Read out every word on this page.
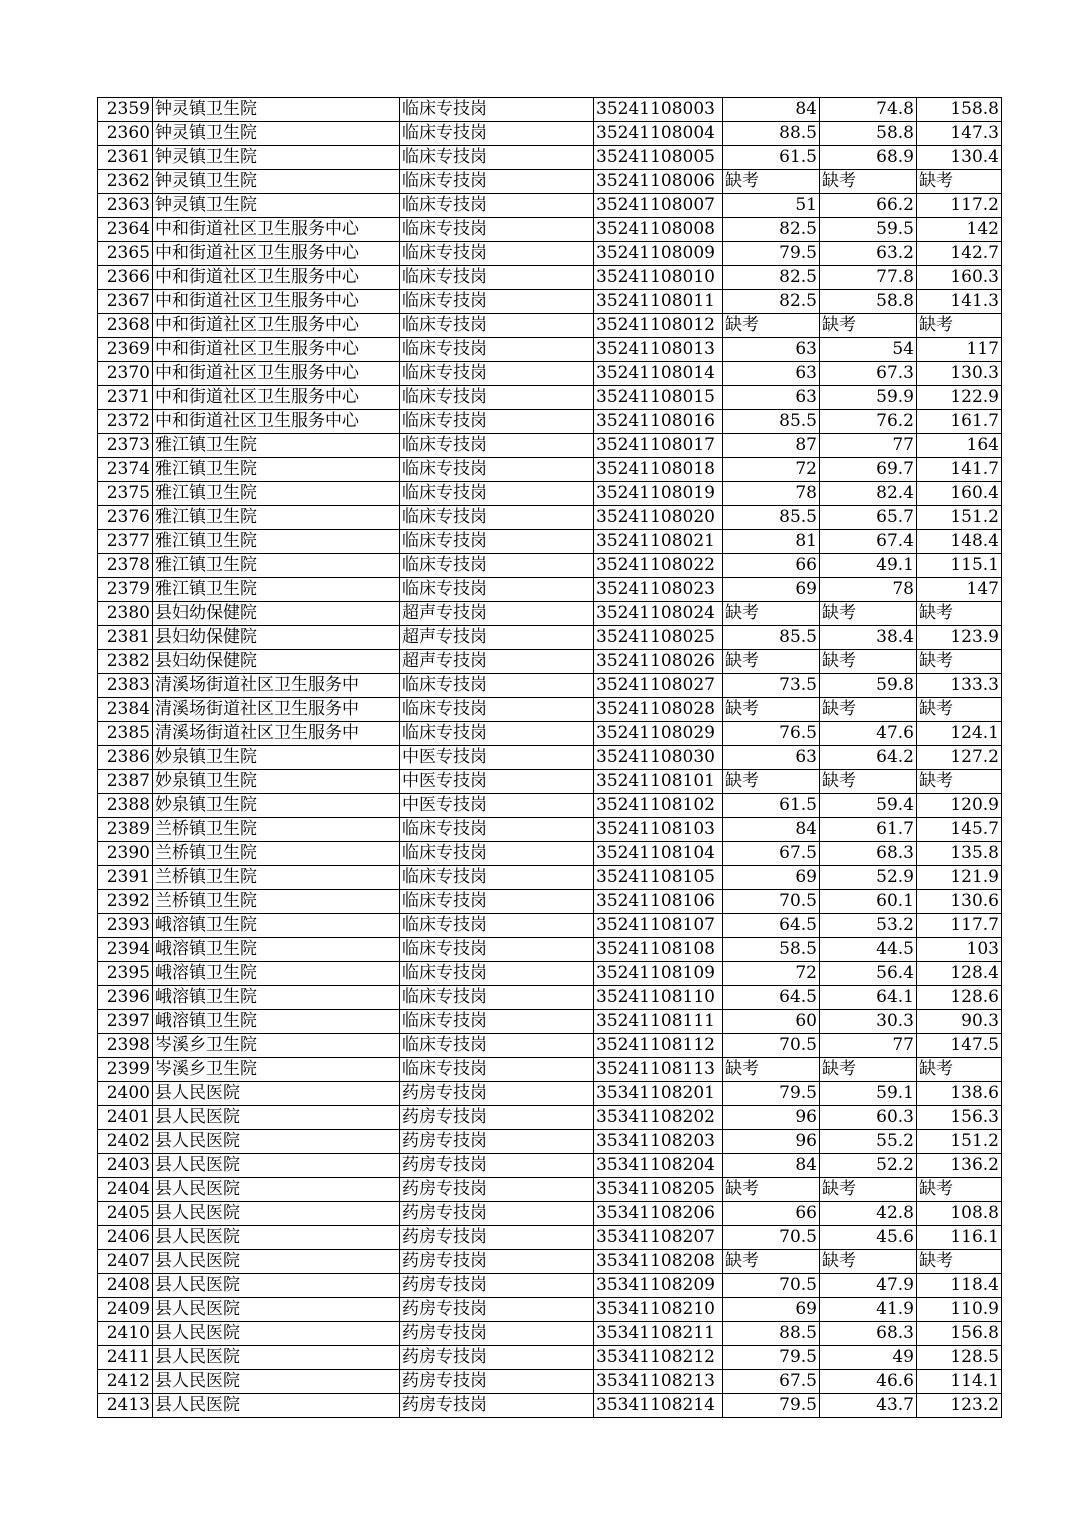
2359	钟灵镇卫生院	临床专技岗	35241108003	84	74.8	158.8
2360	钟灵镇卫生院	临床专技岗	35241108004	88.5	58.8	147.3
2361	钟灵镇卫生院	临床专技岗	35241108005	61.5	68.9	130.4
2362	钟灵镇卫生院	临床专技岗	35241108006	缺考	缺考	缺考
2363	钟灵镇卫生院	临床专技岗	35241108007	51	66.2	117.2
2364	中和街道社区卫生服务中心	临床专技岗	35241108008	82.5	59.5	142
2365	中和街道社区卫生服务中心	临床专技岗	35241108009	79.5	63.2	142.7
2366	中和街道社区卫生服务中心	临床专技岗	35241108010	82.5	77.8	160.3
2367	中和街道社区卫生服务中心	临床专技岗	35241108011	82.5	58.8	141.3
2368	中和街道社区卫生服务中心	临床专技岗	35241108012	缺考	缺考	缺考
2369	中和街道社区卫生服务中心	临床专技岗	35241108013	63	54	117
2370	中和街道社区卫生服务中心	临床专技岗	35241108014	63	67.3	130.3
2371	中和街道社区卫生服务中心	临床专技岗	35241108015	63	59.9	122.9
2372	中和街道社区卫生服务中心	临床专技岗	35241108016	85.5	76.2	161.7
2373	雅江镇卫生院	临床专技岗	35241108017	87	77	164
2374	雅江镇卫生院	临床专技岗	35241108018	72	69.7	141.7
2375	雅江镇卫生院	临床专技岗	35241108019	78	82.4	160.4
2376	雅江镇卫生院	临床专技岗	35241108020	85.5	65.7	151.2
2377	雅江镇卫生院	临床专技岗	35241108021	81	67.4	148.4
2378	雅江镇卫生院	临床专技岗	35241108022	66	49.1	115.1
2379	雅江镇卫生院	临床专技岗	35241108023	69	78	147
2380	县妇幼保健院	超声专技岗	35241108024	缺考	缺考	缺考
2381	县妇幼保健院	超声专技岗	35241108025	85.5	38.4	123.9
2382	县妇幼保健院	超声专技岗	35241108026	缺考	缺考	缺考
2383	清溪场街道社区卫生服务中	临床专技岗	35241108027	73.5	59.8	133.3
2384	清溪场街道社区卫生服务中	临床专技岗	35241108028	缺考	缺考	缺考
2385	清溪场街道社区卫生服务中	临床专技岗	35241108029	76.5	47.6	124.1
2386	妙泉镇卫生院	中医专技岗	35241108030	63	64.2	127.2
2387	妙泉镇卫生院	中医专技岗	35241108101	缺考	缺考	缺考
2388	妙泉镇卫生院	中医专技岗	35241108102	61.5	59.4	120.9
2389	兰桥镇卫生院	临床专技岗	35241108103	84	61.7	145.7
2390	兰桥镇卫生院	临床专技岗	35241108104	67.5	68.3	135.8
2391	兰桥镇卫生院	临床专技岗	35241108105	69	52.9	121.9
2392	兰桥镇卫生院	临床专技岗	35241108106	70.5	60.1	130.6
2393	峨溶镇卫生院	临床专技岗	35241108107	64.5	53.2	117.7
2394	峨溶镇卫生院	临床专技岗	35241108108	58.5	44.5	103
2395	峨溶镇卫生院	临床专技岗	35241108109	72	56.4	128.4
2396	峨溶镇卫生院	临床专技岗	35241108110	64.5	64.1	128.6
2397	峨溶镇卫生院	临床专技岗	35241108111	60	30.3	90.3
2398	岑溪乡卫生院	临床专技岗	35241108112	70.5	77	147.5
2399	岑溪乡卫生院	临床专技岗	35241108113	缺考	缺考	缺考
2400	县人民医院	药房专技岗	35341108201	79.5	59.1	138.6
2401	县人民医院	药房专技岗	35341108202	96	60.3	156.3
2402	县人民医院	药房专技岗	35341108203	96	55.2	151.2
2403	县人民医院	药房专技岗	35341108204	84	52.2	136.2
2404	县人民医院	药房专技岗	35341108205	缺考	缺考	缺考
2405	县人民医院	药房专技岗	35341108206	66	42.8	108.8
2406	县人民医院	药房专技岗	35341108207	70.5	45.6	116.1
2407	县人民医院	药房专技岗	35341108208	缺考	缺考	缺考
2408	县人民医院	药房专技岗	35341108209	70.5	47.9	118.4
2409	县人民医院	药房专技岗	35341108210	69	41.9	110.9
2410	县人民医院	药房专技岗	35341108211	88.5	68.3	156.8
2411	县人民医院	药房专技岗	35341108212	79.5	49	128.5
2412	县人民医院	药房专技岗	35341108213	67.5	46.6	114.1
2413	县人民医院	药房专技岗	35341108214	79.5	43.7	123.2
